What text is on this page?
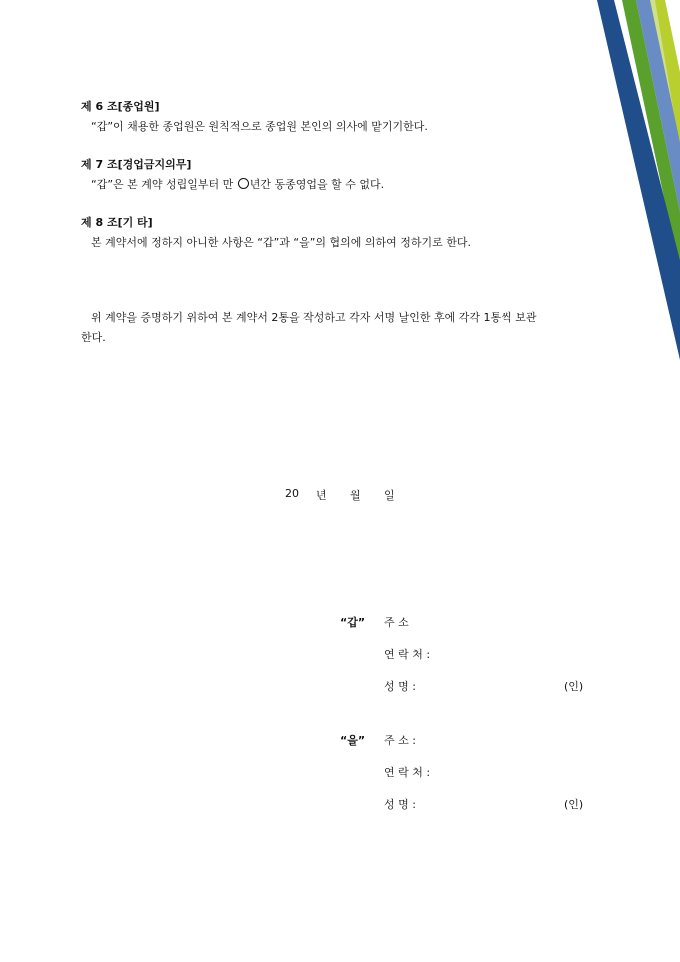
제 6 조[종업원]
“갑”이 채용한 종업원은 원칙적으로 종업원 본인의 의사에 맡기기한다.
제 7 조[경업금지의무]
“갑”은 본 계약 성립일부터 만 년간 동종영업을 할 수 없다.
제 8 조[기 타]
본 계약서에 정하지 아니한 사항은 “갑”과 “을”의 협의에 의하여 정하기로 한다.
위 계약을 증명하기 위하여 본 계약서 2통을 작성하고 각자 서명 날인한 후에 각각 1통씩 보관
한다.
20 년 월 일
“갑” 주 소
연 락 처 :
성 명 :	(인)
“을” 주 소 :
연 락 처 :
성 명 :	(인)
